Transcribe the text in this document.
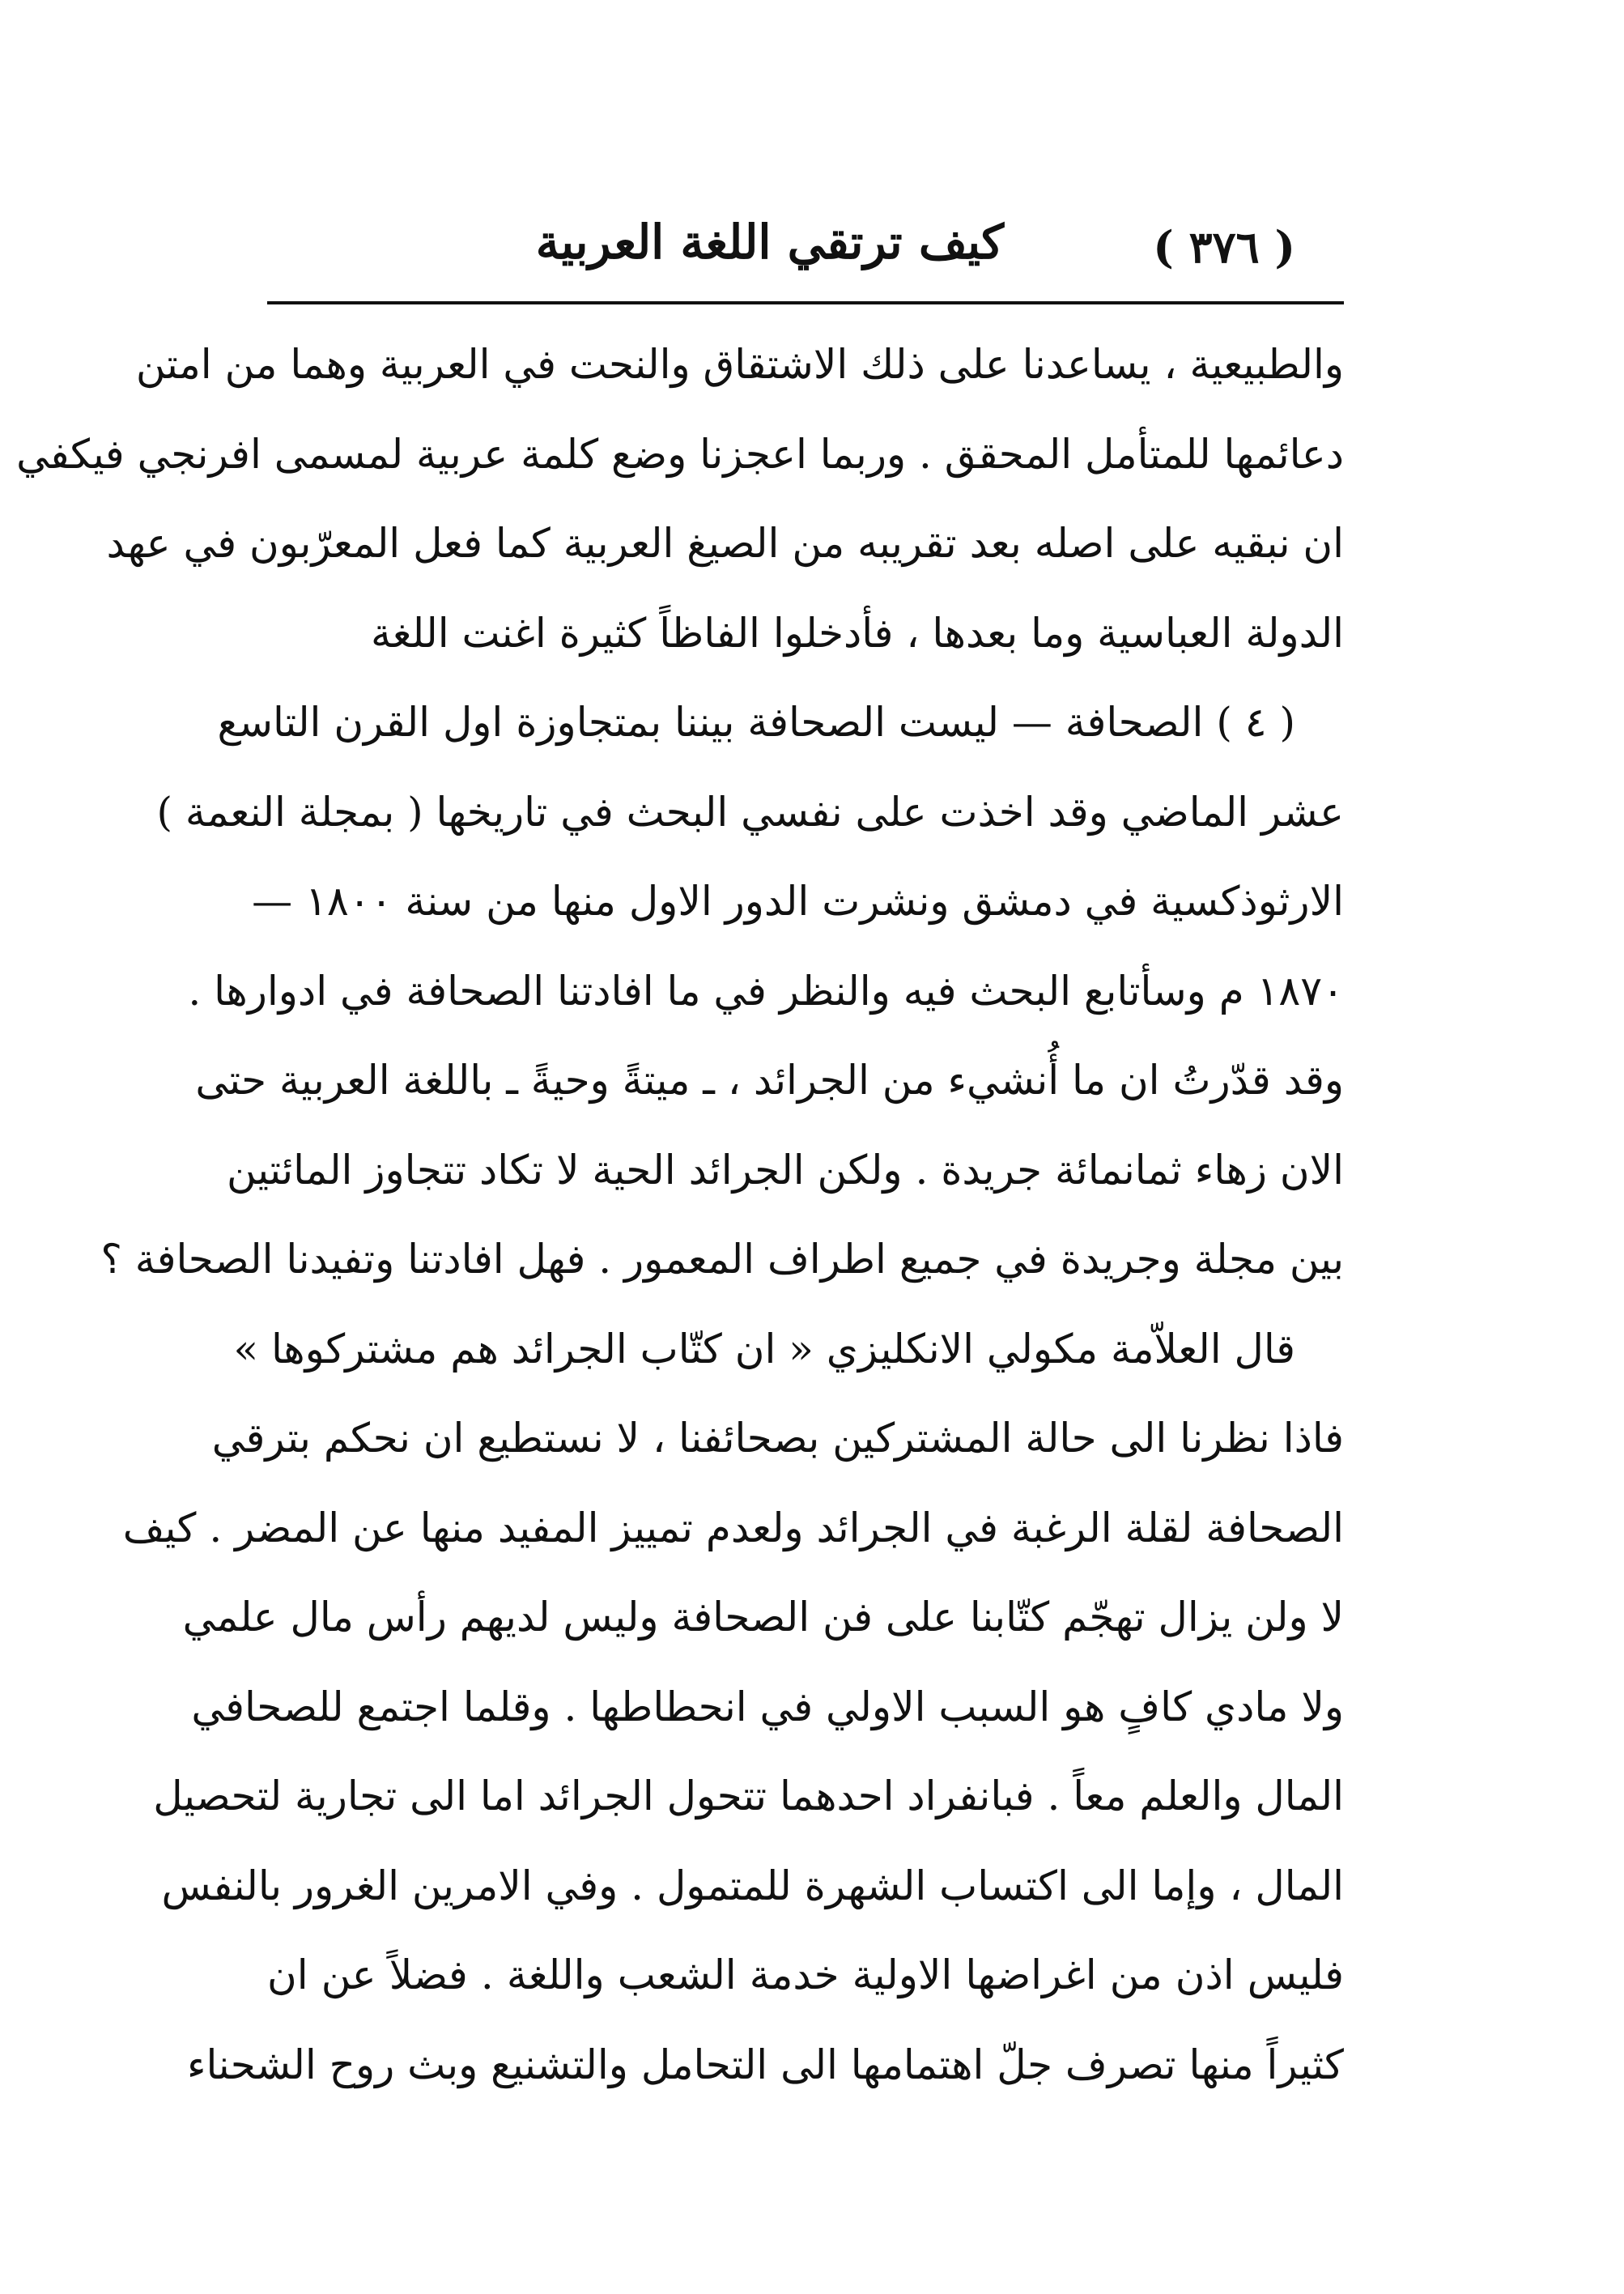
( ٣٧٦ )
كيف ترتقي اللغة العربية
والطبيعية ، يساعدنا على ذلك الاشتقاق والنحت في العربية وهما من امتن
دعائمها للمتأمل المحقق . وربما اعجزنا وضع كلمة عربية لمسمى افرنجي فيكفي
ان نبقيه على اصله بعد تقريبه من الصيغ العربية كما فعل المعرّبون في عهد
الدولة العباسية وما بعدها ، فأدخلوا الفاظاً كثيرة اغنت اللغة
( ٤ ) الصحافة — ليست الصحافة بيننا بمتجاوزة اول القرن التاسع
عشر الماضي وقد اخذت على نفسي البحث في تاريخها ( بمجلة النعمة )
الارثوذكسية في دمشق ونشرت الدور الاول منها من سنة ١٨٠٠ —
١٨٧٠ م وسأتابع البحث فيه والنظر في ما افادتنا الصحافة في ادوارها .
وقد قدّرتُ ان ما أُنشيء من الجرائد ، ـ ميتةً وحيةً ـ باللغة العربية حتى
الان زهاء ثمانمائة جريدة . ولكن الجرائد الحية لا تكاد تتجاوز المائتين
بين مجلة وجريدة في جميع اطراف المعمور . فهل افادتنا وتفيدنا الصحافة ؟
قال العلاّمة مكولي الانكليزي « ان كتّاب الجرائد هم مشتركوها »
فاذا نظرنا الى حالة المشتركين بصحائفنا ، لا نستطيع ان نحكم بترقي
الصحافة لقلة الرغبة في الجرائد ولعدم تمييز المفيد منها عن المضر . كيف
لا ولن يزال تهجّم كتّابنا على فن الصحافة وليس لديهم رأس مال علمي
ولا مادي كافٍ هو السبب الاولي في انحطاطها . وقلما اجتمع للصحافي
المال والعلم معاً . فبانفراد احدهما تتحول الجرائد اما الى تجارية لتحصيل
المال ، وإما الى اكتساب الشهرة للمتمول . وفي الامرين الغرور بالنفس
فليس اذن من اغراضها الاولية خدمة الشعب واللغة . فضلاً عن ان
كثيراً منها تصرف جلّ اهتمامها الى التحامل والتشنيع وبث روح الشحناء
